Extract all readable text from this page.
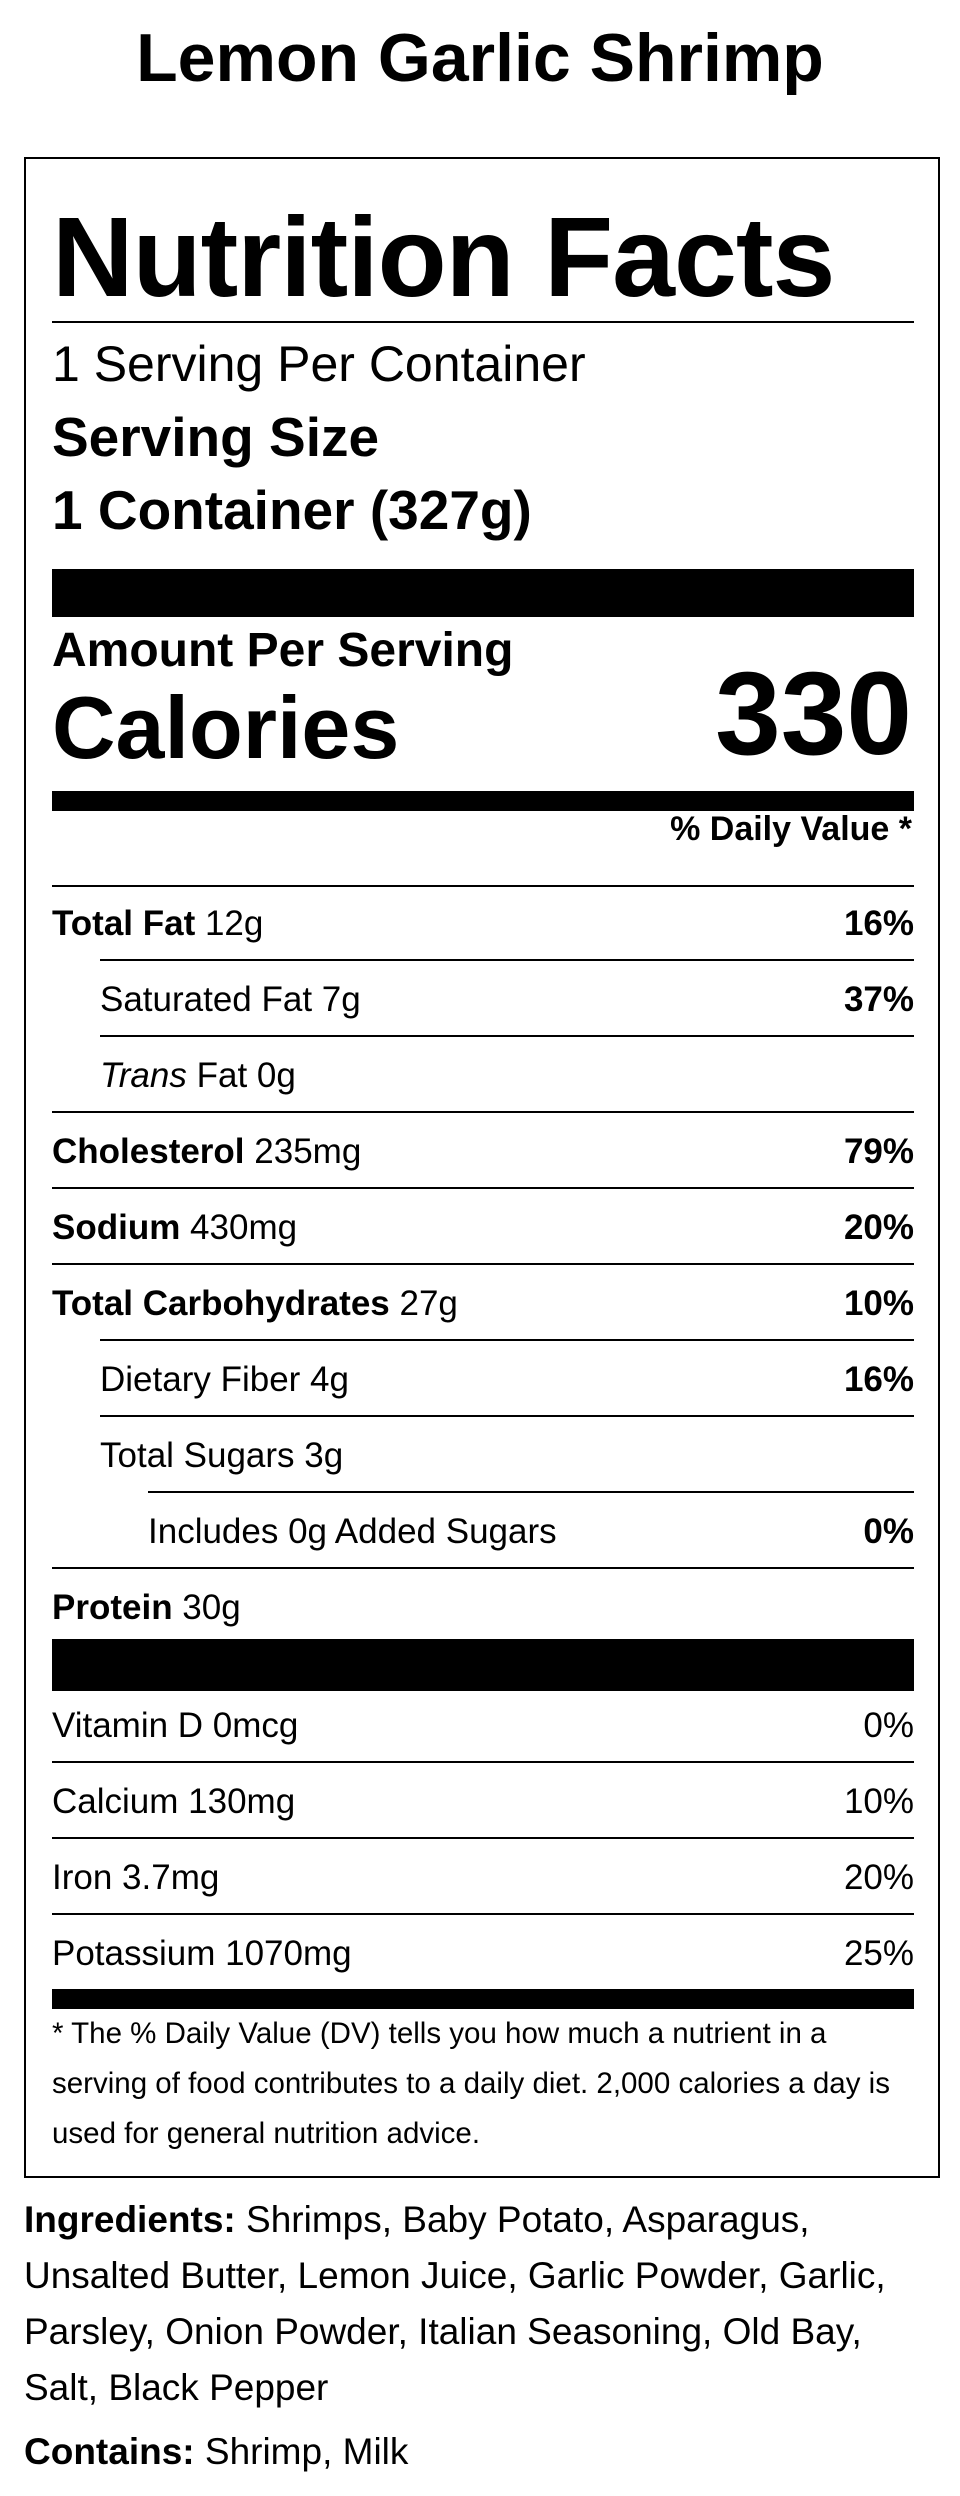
Lemon Garlic Shrimp
Nutrition Facts
1 Serving Per Container
Serving Size
1 Container (327g)
Amount Per Serving
Calories	330
% Daily Value *
Total Fat 12g	16%
Saturated Fat 7g	37%
Trans Fat 0g
Cholesterol 235mg	79%
Sodium 430mg	20%
Total Carbohydrates 27g	10%
Dietary Fiber 4g	16%
Total Sugars 3g
Includes 0g Added Sugars	0%
Protein 30g
Vitamin D 0mcg	0%
Calcium 130mg	10%
Iron 3.7mg	20%
Potassium 1070mg	25%
* The % Daily Value (DV) tells you how much a nutrient in a serving of food contributes to a daily diet. 2,000 calories a day is used for general nutrition advice.
Ingredients: Shrimps, Baby Potato, Asparagus, Unsalted Butter, Lemon Juice, Garlic Powder, Garlic, Parsley, Onion Powder, Italian Seasoning, Old Bay, Salt, Black Pepper
Contains: Shrimp, Milk
